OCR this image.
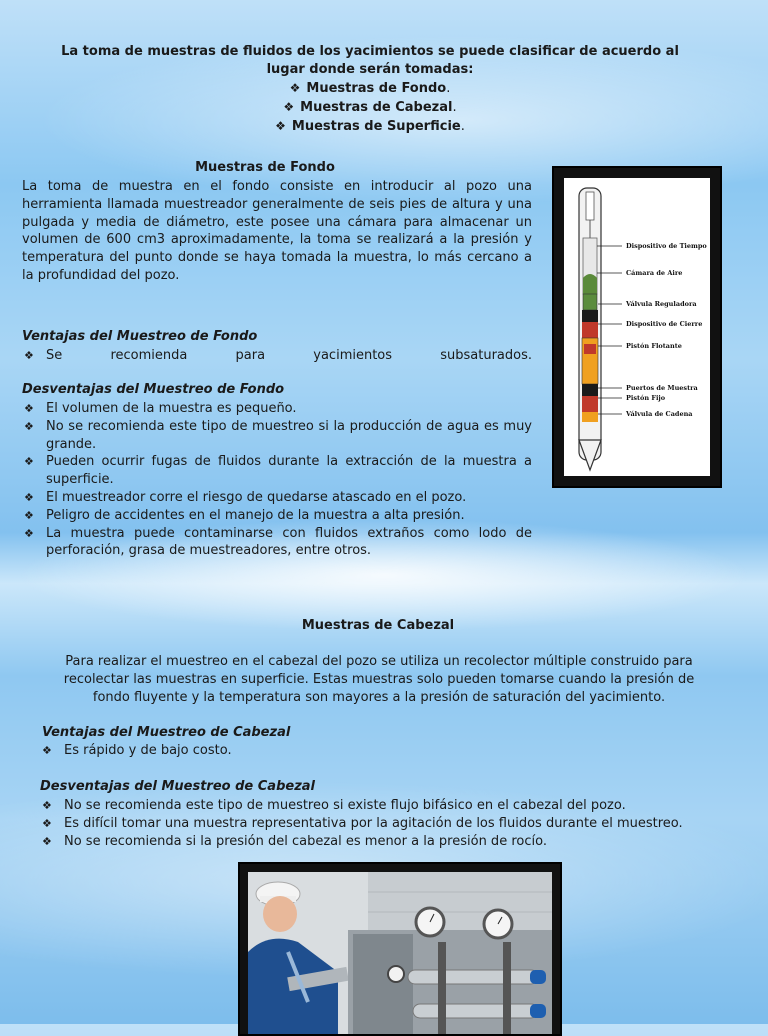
La toma de muestras de fluidos de los yacimientos se puede clasificar de acuerdo al lugar donde serán tomadas:
❖ Muestras de Fondo.
❖ Muestras de Cabezal.
❖ Muestras de Superficie.
Muestras de Fondo
La toma de muestra en el fondo consiste en introducir al pozo una herramienta llamada muestreador generalmente de seis pies de altura y una pulgada y media de diámetro, este posee una cámara para almacenar un volumen de 600 cm3 aproximadamente, la toma se realizará a la presión y temperatura del punto donde se haya tomada la muestra, lo más cercano a la profundidad del pozo.
Ventajas del Muestreo de Fondo
❖ Se recomienda para yacimientos subsaturados.
Desventajas del Muestreo de Fondo
❖ El volumen de la muestra es pequeño.
❖ No se recomienda este tipo de muestreo si la producción de agua es muy grande.
❖ Pueden ocurrir fugas de fluidos durante la extracción de la muestra a superficie.
❖ El muestreador corre el riesgo de quedarse atascado en el pozo.
❖ Peligro de accidentes en el manejo de la muestra a alta presión.
❖ La muestra puede contaminarse con fluidos extraños como lodo de perforación, grasa de muestreadores, entre otros.
Dispositivo de Tiempo
Cámara de Aire
Válvula Reguladora
Dispositivo de Cierre
Pistón Flotante
Puertos de Muestra
Pistón Fijo
Válvula de Cadena
Muestras de Cabezal
Para realizar el muestreo en el cabezal del pozo se utiliza un recolector múltiple construido para recolectar las muestras en superficie. Estas muestras solo pueden tomarse cuando la presión de fondo fluyente y la temperatura son mayores a la presión de saturación del yacimiento.
Ventajas del Muestreo de Cabezal
❖ Es rápido y de bajo costo.
Desventajas del Muestreo de Cabezal
❖ No se recomienda este tipo de muestreo si existe flujo bifásico en el cabezal del pozo.
❖ Es difícil tomar una muestra representativa por la agitación de los fluidos durante el muestreo.
❖ No se recomienda si la presión del cabezal es menor a la presión de rocío.
